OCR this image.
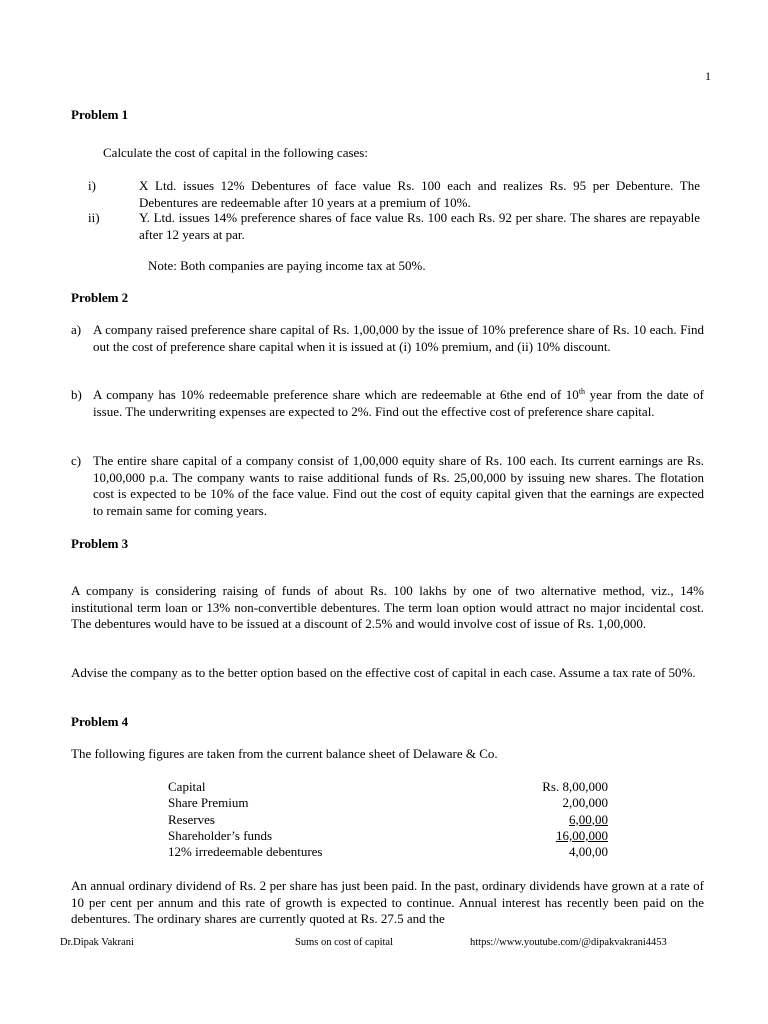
1
Problem 1
Calculate the cost of capital in the following cases:
i)	X Ltd. issues 12% Debentures of face value Rs. 100 each and realizes Rs. 95 per Debenture. The Debentures are redeemable after 10 years at a premium of 10%.
ii)	Y. Ltd. issues 14% preference shares of face value Rs. 100 each Rs. 92 per share. The shares are repayable after 12 years at par.
Note: Both companies are paying income tax at 50%.
Problem 2
a) A company raised preference share capital of Rs. 1,00,000 by the issue of 10% preference share of Rs. 10 each. Find out the cost of preference share capital when it is issued at (i) 10% premium, and (ii) 10% discount.
b) A company has 10% redeemable preference share which are redeemable at 6the end of 10th year from the date of issue. The underwriting expenses are expected to 2%. Find out the effective cost of preference share capital.
c) The entire share capital of a company consist of 1,00,000 equity share of Rs. 100 each. Its current earnings are Rs. 10,00,000 p.a. The company wants to raise additional funds of Rs. 25,00,000 by issuing new shares. The flotation cost is expected to be 10% of the face value. Find out the cost of equity capital given that the earnings are expected to remain same for coming years.
Problem 3
A company is considering raising of funds of about Rs. 100 lakhs by one of two alternative method, viz., 14% institutional term loan or 13% non-convertible debentures. The term loan option would attract no major incidental cost. The debentures would have to be issued at a discount of 2.5% and would involve cost of issue of Rs. 1,00,000.
Advise the company as to the better option based on the effective cost of capital in each case. Assume a tax rate of 50%.
Problem 4
The following figures are taken from the current balance sheet of Delaware & Co.
Capital	Rs. 8,00,000
Share Premium	2,00,000
Reserves	6,00,00
Shareholder’s funds	16,00,000
12% irredeemable debentures	4,00,00
An annual ordinary dividend of Rs. 2 per share has just been paid. In the past, ordinary dividends have grown at a rate of 10 per cent per annum and this rate of growth is expected to continue. Annual interest has recently been paid on the debentures. The ordinary shares are currently quoted at Rs. 27.5 and the
Dr.Dipak Vakrani	Sums on cost of capital	https://www.youtube.com/@dipakvakrani4453
